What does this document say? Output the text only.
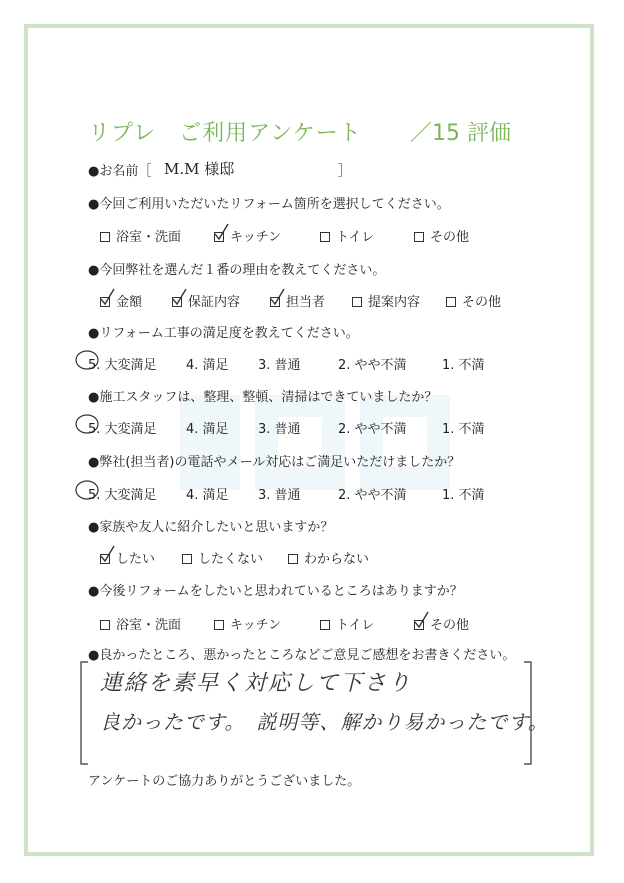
リプレ　ご利用アンケート ／15 評価
●お名前［ M.M 様邸	］
●今回ご利用いただいたリフォーム箇所を選択してください。
浴室・洗面	キッチン	トイレ	その他
●今回弊社を選んだ１番の理由を教えてください。
金額	保証内容	担当者	提案内容	その他
●リフォーム工事の満足度を教えてください。
5. 大変満足 4. 満足 3. 普通	2. やや不満	1. 不満
●施工スタッフは、整理、整頓、清掃はできていましたか？
5. 大変満足 4. 満足 3. 普通	2. やや不満	1. 不満
●弊社(担当者)の電話やメール対応はご満足いただけましたか？
5. 大変満足 4. 満足 3. 普通	2. やや不満	1. 不満
●家族や友人に紹介したいと思いますか？
したい	したくない	わからない
●今後リフォームをしたいと思われているところはありますか？
浴室・洗面	キッチン	トイレ	その他
●良かったところ、悪かったところなどご意見ご感想をお書きください。
連絡を素早く対応して下さり
良かったです。　説明等、解かり易かったです。
アンケートのご協力ありがとうございました。
